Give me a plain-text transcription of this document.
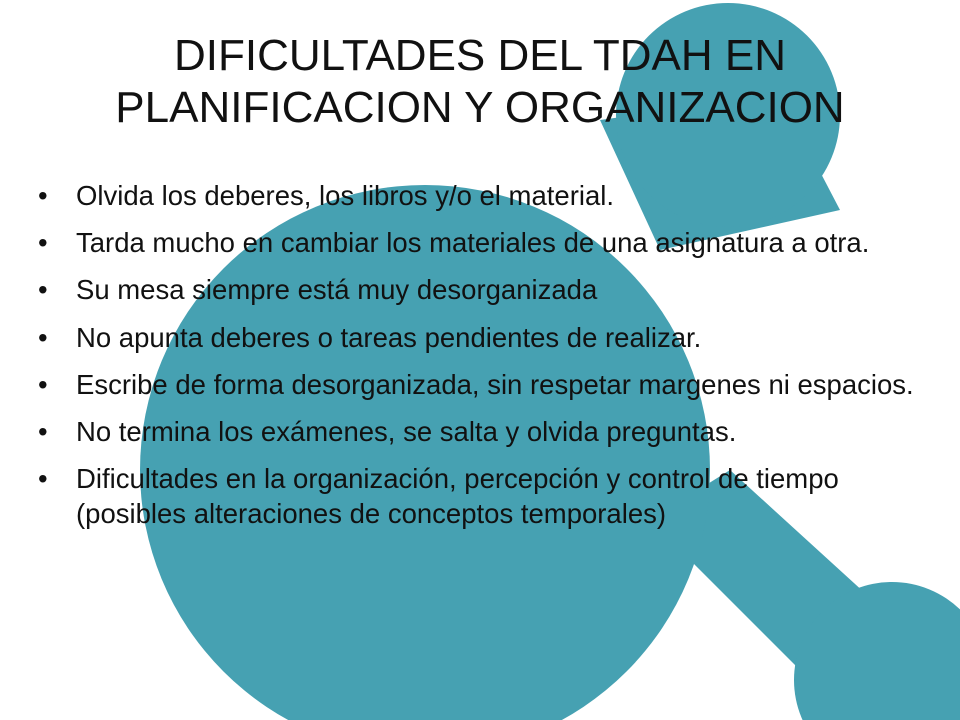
DIFICULTADES DEL TDAH EN
PLANIFICACION Y ORGANIZACION
• Olvida los deberes, los libros y/o el material.
• Tarda mucho en cambiar los materiales de una asignatura a otra.
• Su mesa siempre está muy desorganizada
• No apunta deberes o tareas pendientes de realizar.
• Escribe de forma desorganizada, sin respetar margenes ni espacios.
• No termina los exámenes, se salta y olvida preguntas.
• Dificultades en la organización, percepción y control de tiempo (posibles alteraciones de conceptos temporales)
